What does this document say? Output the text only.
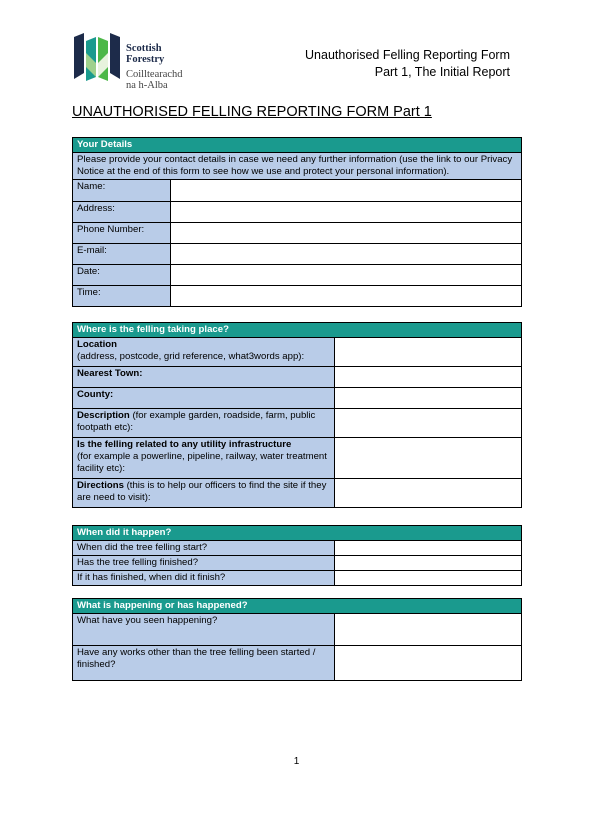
Scottish
Forestry
Coilltearachd
na h-Alba
Unauthorised Felling Reporting Form
Part 1, The Initial Report
UNAUTHORISED FELLING REPORTING FORM Part 1
Your Details	
Please provide your contact details in case we need any further information (use the link to our Privacy Notice at the end of this form to see how we use and protect your personal information).	
Name:	
Address:	
Phone Number:	
E-mail:	
Date:	
Time:	
Where is the felling taking place?	
Location
(address, postcode, grid reference, what3words app):	
Nearest Town:	
County:	
Description (for example garden, roadside, farm, public footpath etc):	
Is the felling related to any utility infrastructure
(for example a powerline, pipeline, railway, water treatment facility etc):	
Directions (this is to help our officers to find the site if they are need to visit):	
When did it happen?	
When did the tree felling start?	
Has the tree felling finished?	
If it has finished, when did it finish?	
What is happening or has happened?	
What have you seen happening?	
Have any works other than the tree felling been started / finished?	
1
